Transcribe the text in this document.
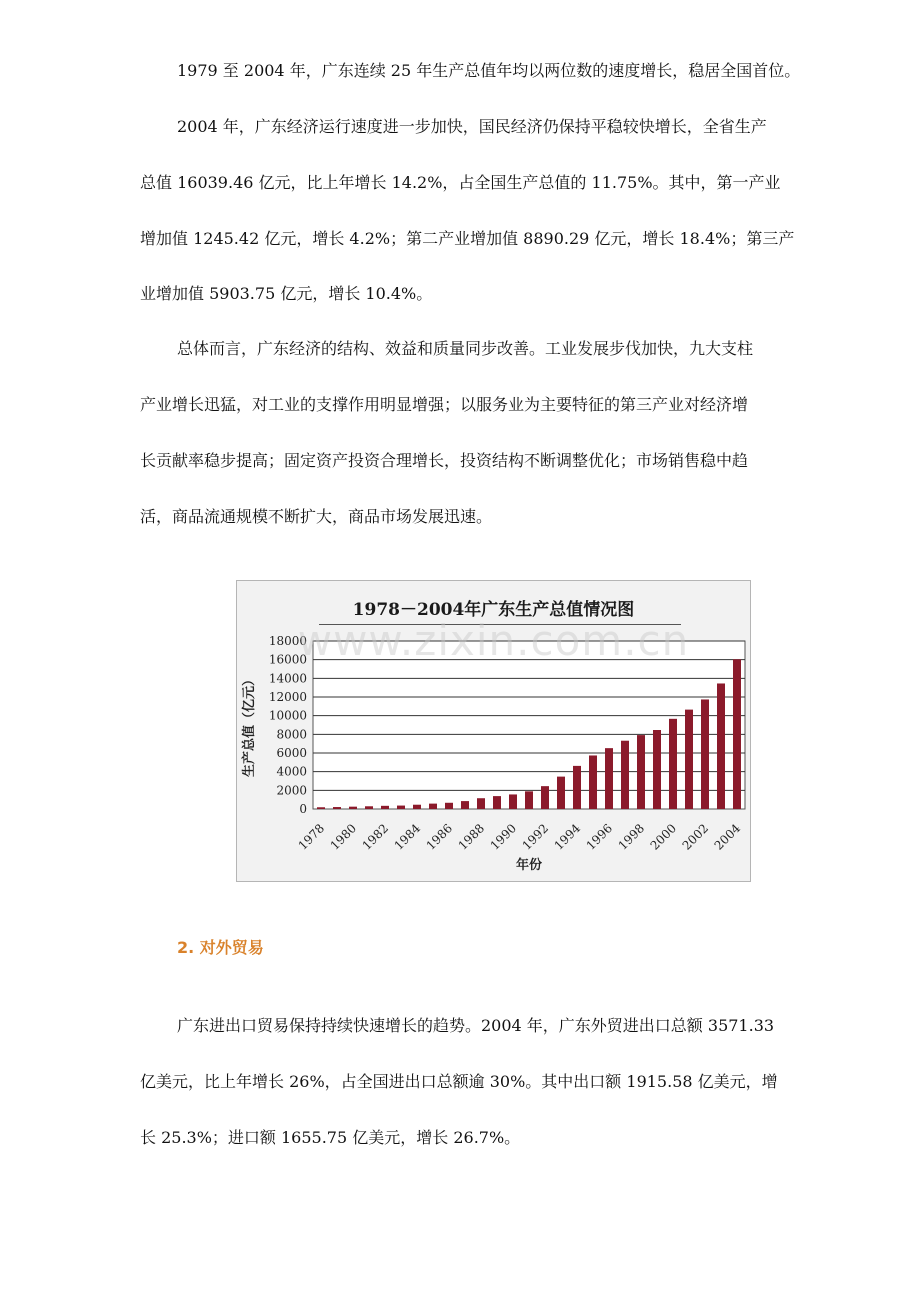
1979 至 2004 年，广东连续 25 年生产总值年均以两位数的速度增长，稳居全国首位。

2004 年，广东经济运行速度进一步加快，国民经济仍保持平稳较快增长，全省生产

总值 16039.46 亿元，比上年增长 14.2%，占全国生产总值的 11.75%。其中，第一产业

增加值 1245.42 亿元，增长 4.2%；第二产业增加值 8890.29 亿元，增长 18.4%；第三产

业增加值 5903.75 亿元，增长 10.4%。

总体而言，广东经济的结构、效益和质量同步改善。工业发展步伐加快，九大支柱

产业增长迅猛，对工业的支撑作用明显增强；以服务业为主要特征的第三产业对经济增

长贡献率稳步提高；固定资产投资合理增长，投资结构不断调整优化；市场销售稳中趋

活，商品流通规模不断扩大，商品市场发展迅速。

1978－2004年广东生产总值情况图
0
2000
4000
6000
8000
10000
12000
14000
16000
18000
1978 1980 1982 1984 1986 1988 1990 1992 1994 1996 1998 2000 2002 2004
年份
生产总值（亿元）
www.zixin.com.cn
2. 对外贸易

广东进出口贸易保持持续快速增长的趋势。2004 年，广东外贸进出口总额 3571.33

亿美元，比上年增长 26%，占全国进出口总额逾 30%。其中出口额 1915.58 亿美元，增

长 25.3%；进口额 1655.75 亿美元，增长 26.7%。
